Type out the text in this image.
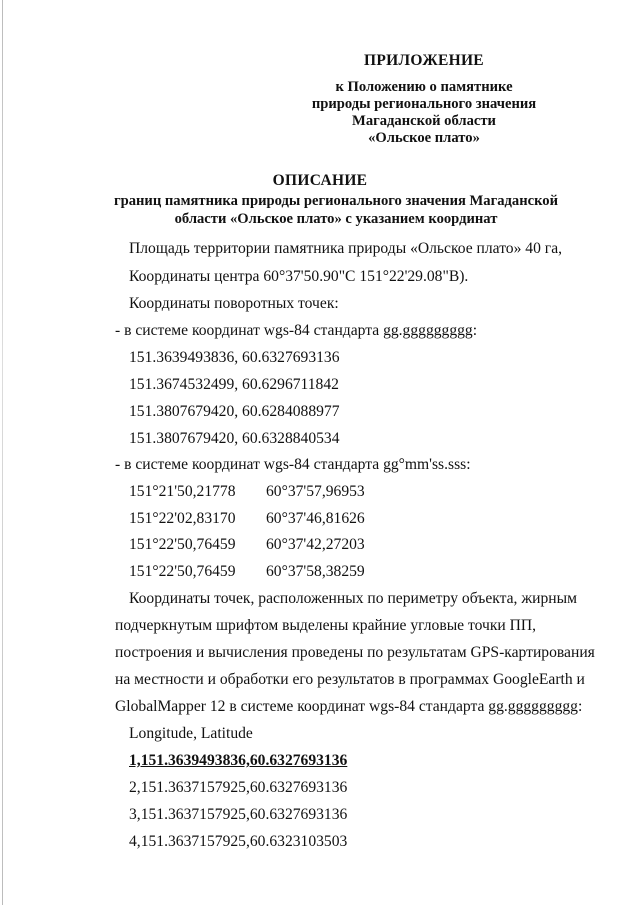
ПРИЛОЖЕНИЕ
к Положению о памятнике
природы регионального значения
Магаданской области
«Ольское плато»
ОПИСАНИЕ
границ памятника природы регионального значения Магаданской
области «Ольское плато» с указанием координат
Площадь территории памятника природы «Ольское плато» 40 га,
Координаты центра 60°37'50.90"С 151°22'29.08"В).
Координаты поворотных точек:
- в системе координат wgs-84 стандарта gg.ggggggggg:
151.3639493836, 60.6327693136
151.3674532499, 60.6296711842
151.3807679420, 60.6284088977
151.3807679420, 60.6328840534
- в системе координат wgs-84 стандарта gg°mm'ss.sss:
151°21'50,21778 60°37'57,96953
151°22'02,83170 60°37'46,81626
151°22'50,76459 60°37'42,27203
151°22'50,76459 60°37'58,38259
Координаты точек, расположенных по периметру объекта, жирным
подчеркнутым шрифтом выделены крайние угловые точки ПП,
построения и вычисления проведены по результатам GPS-картирования
на местности и обработки его результатов в программах GoogleEarth и
GlobalMapper 12 в системе координат wgs-84 стандарта gg.ggggggggg:
Longitude, Latitude
1,151.3639493836,60.6327693136
2,151.3637157925,60.6327693136
3,151.3637157925,60.6327693136
4,151.3637157925,60.6323103503
